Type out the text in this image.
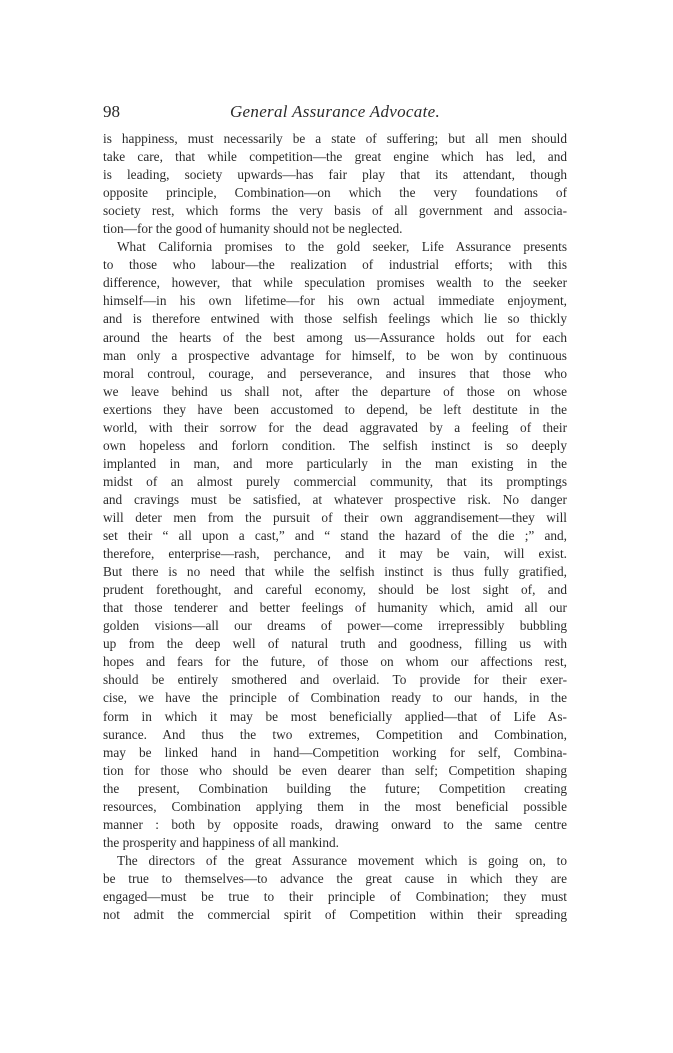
98	General Assurance Advocate.
is happiness, must necessarily be a state of suffering; but all men should
take care, that while competition—the great engine which has led, and
is leading, society upwards—has fair play that its attendant, though
opposite principle, Combination—on which the very foundations of
society rest, which forms the very basis of all government and associa-
tion—for the good of humanity should not be neglected.
What California promises to the gold seeker, Life Assurance presents
to those who labour—the realization of industrial efforts; with this
difference, however, that while speculation promises wealth to the seeker
himself—in his own lifetime—for his own actual immediate enjoyment,
and is therefore entwined with those selfish feelings which lie so thickly
around the hearts of the best among us—Assurance holds out for each
man only a prospective advantage for himself, to be won by continuous
moral controul, courage, and perseverance, and insures that those who
we leave behind us shall not, after the departure of those on whose
exertions they have been accustomed to depend, be left destitute in the
world, with their sorrow for the dead aggravated by a feeling of their
own hopeless and forlorn condition. The selfish instinct is so deeply
implanted in man, and more particularly in the man existing in the
midst of an almost purely commercial community, that its promptings
and cravings must be satisfied, at whatever prospective risk. No danger
will deter men from the pursuit of their own aggrandisement—they will
set their “ all upon a cast,” and “ stand the hazard of the die ;” and,
therefore, enterprise—rash, perchance, and it may be vain, will exist.
But there is no need that while the selfish instinct is thus fully gratified,
prudent forethought, and careful economy, should be lost sight of, and
that those tenderer and better feelings of humanity which, amid all our
golden visions—all our dreams of power—come irrepressibly bubbling
up from the deep well of natural truth and goodness, filling us with
hopes and fears for the future, of those on whom our affections rest,
should be entirely smothered and overlaid. To provide for their exer-
cise, we have the principle of Combination ready to our hands, in the
form in which it may be most beneficially applied—that of Life As-
surance. And thus the two extremes, Competition and Combination,
may be linked hand in hand—Competition working for self, Combina-
tion for those who should be even dearer than self; Competition shaping
the present, Combination building the future; Competition creating
resources, Combination applying them in the most beneficial possible
manner : both by opposite roads, drawing onward to the same centre
the prosperity and happiness of all mankind.
The directors of the great Assurance movement which is going on, to
be true to themselves—to advance the great cause in which they are
engaged—must be true to their principle of Combination; they must
not admit the commercial spirit of Competition within their spreading
